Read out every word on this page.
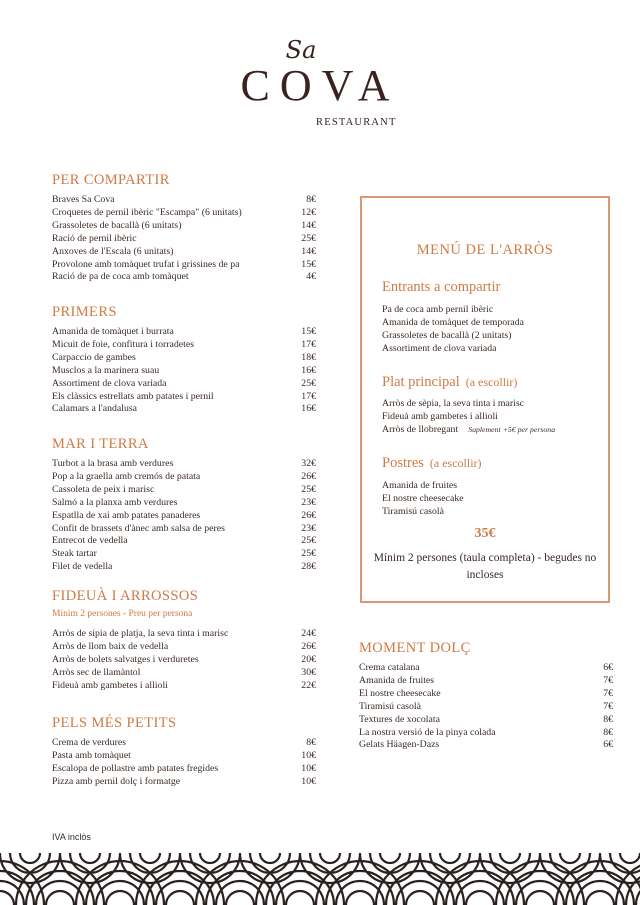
Sa
COVA
RESTAURANT
PER COMPARTIR
Braves Sa Cova	8€
Croquetes de pernil ibèric "Escampa" (6 unitats)	12€
Grassoletes de bacallà (6 unitats)	14€
Ració de pernil ibèric	25€
Anxoves de l'Escala (6 unitats)	14€
Provolone amb tomàquet trufat i grissines de pa	15€
Ració de pa de coca amb tomàquet	4€
PRIMERS
Amanida de tomàquet i burrata	15€
Micuit de foie, confitura i torradetes	17€
Carpaccio de gambes	18€
Musclos a la marinera suau	16€
Assortiment de clova variada	25€
Els clàssics estrellats amb patates i pernil	17€
Calamars a l'andalusa	16€
MAR I TERRA
Turbot a la brasa amb verdures	32€
Pop a la graella amb cremós de patata	26€
Cassoleta de peix i marisc	25€
Salmó a la planxa amb verdures	23€
Espatlla de xai amb patates panaderes	26€
Confit de brassets d'ànec amb salsa de peres	23€
Entrecot de vedella	25€
Steak tartar	25€
Filet de vedella	28€
FIDEUÀ I ARROSSOS
Mínim 2 persones - Preu per persona
Arròs de sípia de platja, la seva tinta i marisc	24€
Arròs de llom baix de vedella	26€
Arròs de bolets salvatges i verduretes	20€
Arròs sec de llamàntol	30€
Fideuà amb gambetes i allioli	22€
PELS MÉS PETITS
Crema de verdures	8€
Pasta amb tomàquet	10€
Escalopa de pollastre amb patates fregides	10€
Pizza amb pernil dolç i formatge	10€
MENÚ DE L'ARRÒS
Entrants a compartir
Pa de coca amb pernil ibèric
Amanida de tomàquet de temporada
Grassoletes de bacallà (2 unitats)
Assortiment de clova variada
Plat principal (a escollir)
Arròs de sèpia, la seva tinta i marisc
Fideuà amb gambetes i allioli
Arròs de llobregant Suplement +5€ per persona
Postres (a escollir)
Amanida de fruites
El nostre cheesecake
Tiramisú casolà
35€
Mínim 2 persones (taula completa) - begudes no incloses
MOMENT DOLÇ
Crema catalana	6€
Amanida de fruites	7€
El nostre cheesecake	7€
Tiramisú casolà	7€
Textures de xocolata	8€
La nostra versió de la pinya colada	8€
Gelats Häagen-Dazs	6€
IVA inclòs
